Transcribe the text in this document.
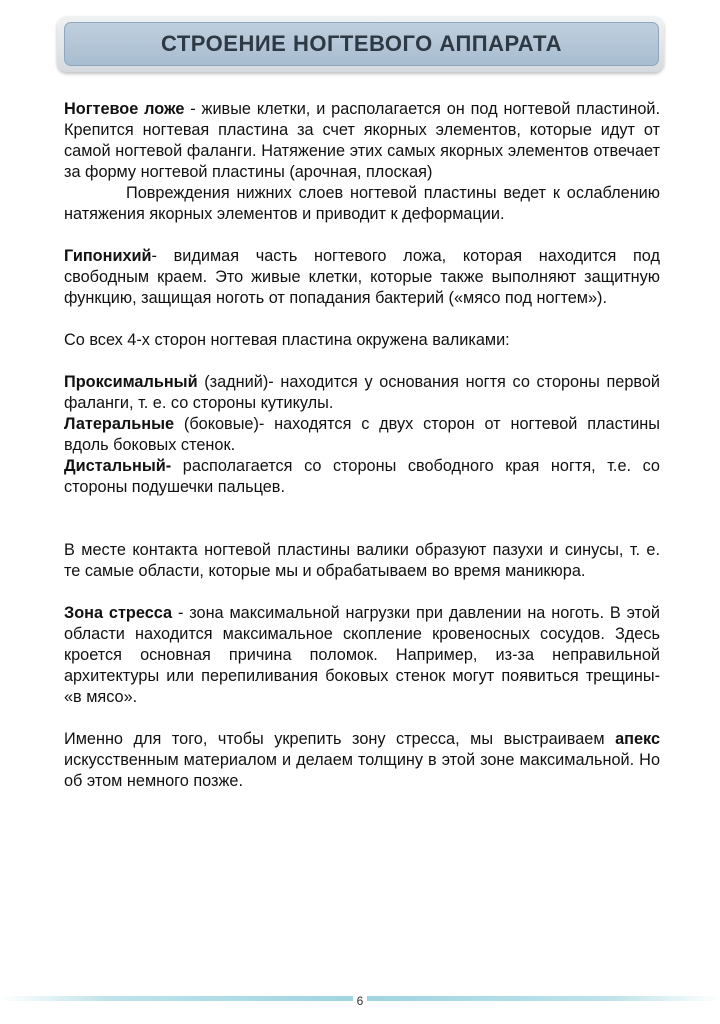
СТРОЕНИЕ НОГТЕВОГО АППАРАТА

Ногтевое ложе - живые клетки, и располагается он под ногтевой пластиной. Крепится ногтевая пластина за счет якорных элементов, которые идут от самой ногтевой фаланги. Натяжение этих самых якорных элементов отвечает за форму ногтевой пластины (арочная, плоская)

Повреждения нижних слоев ногтевой пластины ведет к ослаблению натяжения якорных элементов и приводит к деформации.

Гипонихий- видимая часть ногтевого ложа, которая находится под свободным краем. Это живые клетки, которые также выполняют защитную функцию, защищая ноготь от попадания бактерий («мясо под ногтем»).

Со всех 4-х сторон ногтевая пластина окружена валиками:

Проксимальный (задний)- находится у основания ногтя со стороны первой фаланги, т. е. со стороны кутикулы.

Латеральные (боковые)- находятся с двух сторон от ногтевой пластины вдоль боковых стенок.

Дистальный- располагается со стороны свободного края ногтя, т.е. со стороны подушечки пальцев.

В месте контакта ногтевой пластины валики образуют пазухи и синусы, т. е. те самые области, которые мы и обрабатываем во время маникюра.

Зона стресса - зона максимальной нагрузки при давлении на ноготь. В этой области находится максимальное скопление кровеносных сосудов. Здесь кроется основная причина поломок. Например, из-за неправильной архитектуры или перепиливания боковых стенок могут появиться трещины- «в мясо».

Именно для того, чтобы укрепить зону стресса, мы выстраиваем апекс искусственным материалом и делаем толщину в этой зоне максимальной. Но об этом немного позже.

6
